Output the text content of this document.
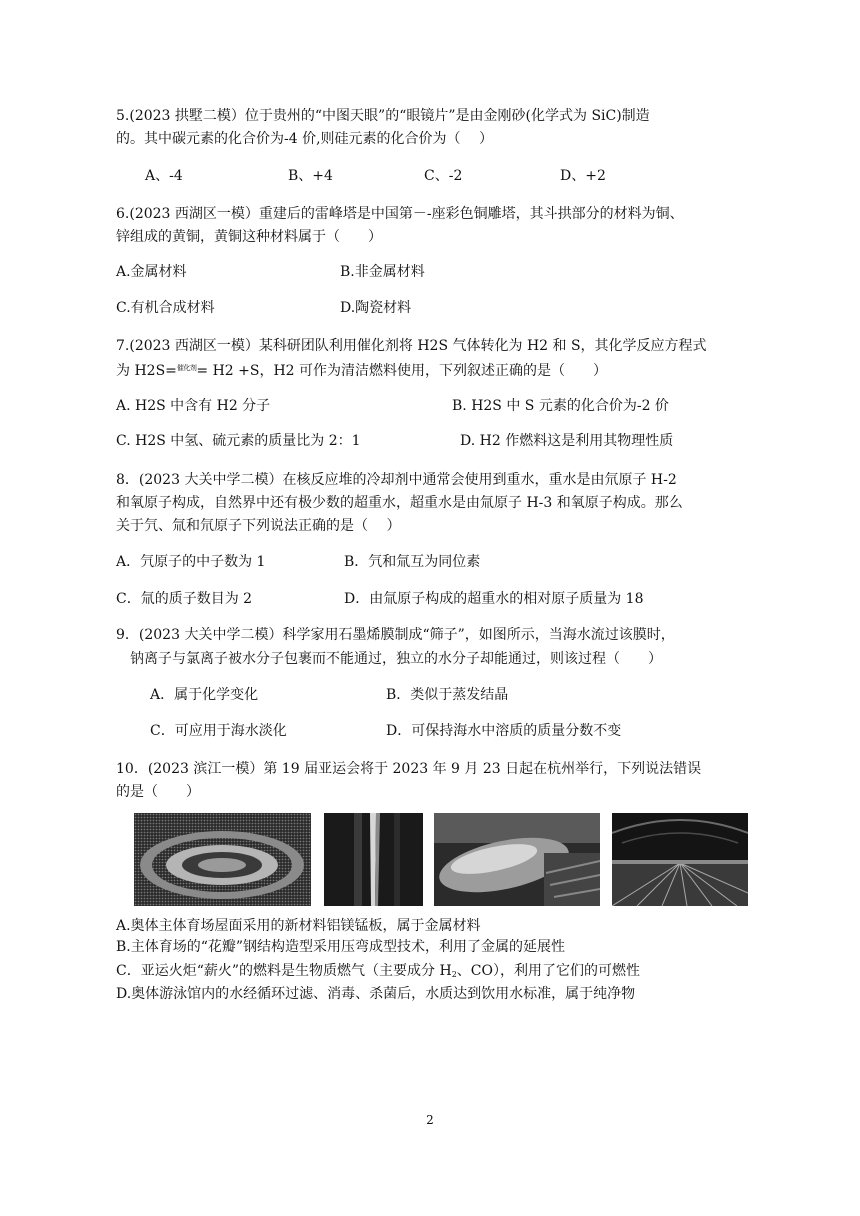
5.(2023 拱墅二模）位于贵州的“中图天眼”的“眼镜片”是由金刚砂(化学式为 SiC)制造
的。其中碳元素的化合价为-4 价,则硅元素的化合价为（　 ）
A、-4	B、+4	C、-2	D、+2
6.(2023 西湖区一模）重建后的雷峰塔是中国第－-座彩色铜雕塔，其斗拱部分的材料为铜、
锌组成的黄铜，黄铜这种材料属于（　　）
A.金属材料	B.非金属材料
C.有机合成材料	D.陶瓷材料
7.(2023 西湖区一模）某科研团队利用催化剂将 H2S 气体转化为 H2 和 S，其化学反应方程式
为 H2S=$^{催化剂}$= H2 +S，H2 可作为清洁燃料使用，下列叙述正确的是（　　）
A. H2S 中含有 H2 分子	B. H2S 中 S 元素的化合价为-2 价
C. H2S 中氢、硫元素的质量比为 2：1	D. H2 作燃料这是利用其物理性质
8．(2023 大关中学二模）在核反应堆的冷却剂中通常会使用到重水，重水是由氘原子 H-2
和氧原子构成，自然界中还有极少数的超重水，超重水是由氚原子 H-3 和氧原子构成。那么
关于氕、氚和氘原子下列说法正确的是（　 ）
A．氕原子的中子数为 1	B．氕和氚互为同位素
C．氚的质子数目为 2	D．由氚原子构成的超重水的相对原子质量为 18
9．(2023 大关中学二模）科学家用石墨烯膜制成“筛子”，如图所示，当海水流过该膜时，
钠离子与氯离子被水分子包裹而不能通过，独立的水分子却能通过，则该过程（　　）
A．属于化学变化	B．类似于蒸发结晶
C．可应用于海水淡化	D．可保持海水中溶质的质量分数不变
10．(2023 滨江一模）第 19 届亚运会将于 2023 年 9 月 23 日起在杭州举行，下列说法错误
的是（　　）
A.奥体主体育场屋面采用的新材料铝镁锰板，属于金属材料
B.主体育场的“花瓣”钢结构造型采用压弯成型技术，利用了金属的延展性
C．亚运火炬“薪火”的燃料是生物质燃气（主要成分 $H_2$、CO），利用了它们的可燃性
D.奥体游泳馆内的水经循环过滤、消毒、杀菌后，水质达到饮用水标准，属于纯净物
2
